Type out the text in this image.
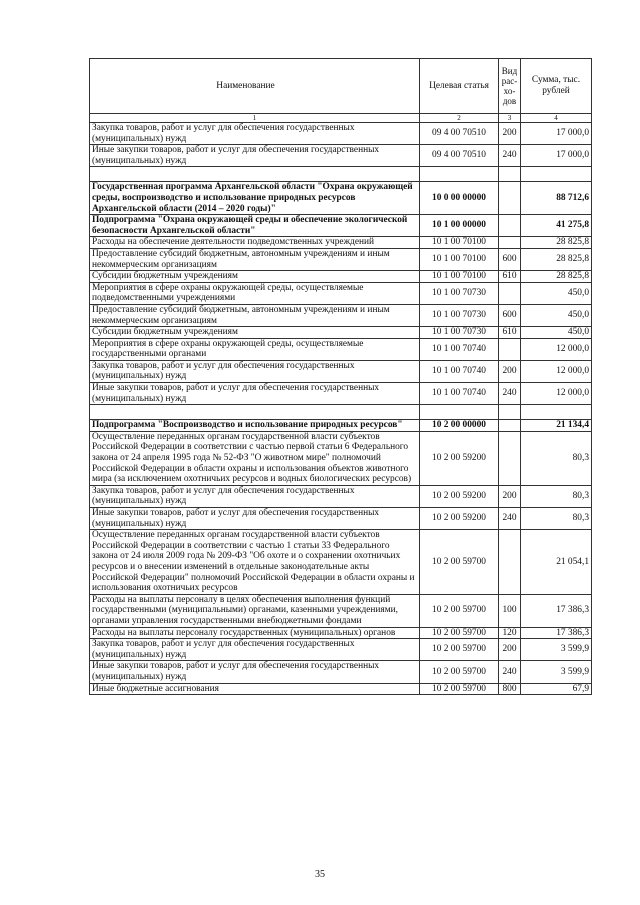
Наименование	Целевая статья	Вид рас-хо-дов	Сумма, тыс. рублей
1	2	3	4
Закупка товаров, работ и услуг для обеспечения государственных (муниципальных) нужд	09 4 00 70510	200	17 000,0
Иные закупки товаров, работ и услуг для обеспечения государственных (муниципальных) нужд	09 4 00 70510	240	17 000,0

Государственная программа Архангельской области "Охрана окружающей среды, воспроизводство и использование природных ресурсов Архангельской области (2014 – 2020 годы)"	10 0 00 00000		88 712,6
Подпрограмма "Охрана окружающей среды и обеспечение экологической безопасности Архангельской области"	10 1 00 00000		41 275,8
Расходы на обеспечение деятельности подведомственных учреждений	10 1 00 70100		28 825,8
Предоставление субсидий бюджетным, автономным учреждениям и иным некоммерческим организациям	10 1 00 70100	600	28 825,8
Субсидии бюджетным учреждениям	10 1 00 70100	610	28 825,8
Мероприятия в сфере охраны окружающей среды, осуществляемые подведомственными учреждениями	10 1 00 70730		450,0
Предоставление субсидий бюджетным, автономным учреждениям и иным некоммерческим организациям	10 1 00 70730	600	450,0
Субсидии бюджетным учреждениям	10 1 00 70730	610	450,0
Мероприятия в сфере охраны окружающей среды, осуществляемые государственными органами	10 1 00 70740		12 000,0
Закупка товаров, работ и услуг для обеспечения государственных (муниципальных) нужд	10 1 00 70740	200	12 000,0
Иные закупки товаров, работ и услуг для обеспечения государственных (муниципальных) нужд	10 1 00 70740	240	12 000,0

Подпрограмма "Воспроизводство и использование природных ресурсов"	10 2 00 00000		21 134,4
Осуществление переданных органам государственной власти субъектов Российской Федерации в соответствии с частью первой статьи 6 Федерального закона от 24 апреля 1995 года № 52-ФЗ "О животном мире" полномочий Российской Федерации в области охраны и использования объектов животного мира (за исключением охотничьих ресурсов и водных биологических ресурсов)	10 2 00 59200		80,3
Закупка товаров, работ и услуг для обеспечения государственных (муниципальных) нужд	10 2 00 59200	200	80,3
Иные закупки товаров, работ и услуг для обеспечения государственных (муниципальных) нужд	10 2 00 59200	240	80,3
Осуществление переданных органам государственной власти субъектов Российской Федерации в соответствии с частью 1 статьи 33 Федерального закона от 24 июля 2009 года № 209-ФЗ "Об охоте и о сохранении охотничьих ресурсов и о внесении изменений в отдельные законодательные акты Российской Федерации" полномочий Российской Федерации в области охраны и использования охотничьих ресурсов	10 2 00 59700		21 054,1
Расходы на выплаты персоналу в целях обеспечения выполнения функций государственными (муниципальными) органами, казенными учреждениями, органами управления государственными внебюджетными фондами	10 2 00 59700	100	17 386,3
Расходы на выплаты персоналу государственных (муниципальных) органов	10 2 00 59700	120	17 386,3
Закупка товаров, работ и услуг для обеспечения государственных (муниципальных) нужд	10 2 00 59700	200	3 599,9
Иные закупки товаров, работ и услуг для обеспечения государственных (муниципальных) нужд	10 2 00 59700	240	3 599,9
Иные бюджетные ассигнования	10 2 00 59700	800	67,9
35
